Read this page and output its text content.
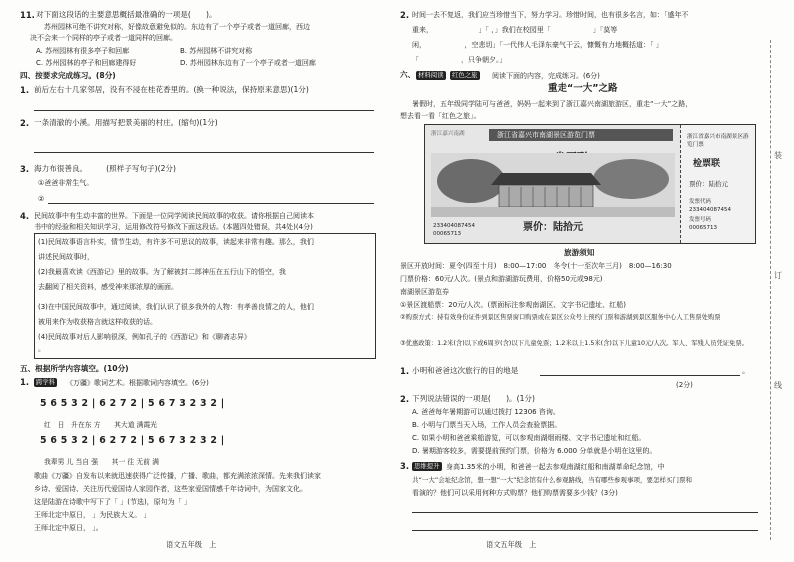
11. 对下面这段话的主要意思概括最准确的一项是(　　)。
苏州园林可绝不讲究对称，好像故意避免似的。东边有了一个亭子或者一道回廊，西边
决不会来一个同样的亭子或者一道同样的回廊。
A. 苏州园林有很多亭子和回廊	B. 苏州园林不讲究对称
C. 苏州园林的亭子和回廊建得好	D. 苏州园林东边有了一个亭子或者一道回廊
四、按要求完成练习。(8分)
1. 前后左右十几家邻居，没有不浸在桂花香里的。(换一种说法，保持原来意思)(1分)
2. 一条清澈的小溪。用描写把景美丽的村庄。(缩句)(1分)
3. 海力布很善良。　　　(照样子写句子)(2分)
①爸爸非常生气。
②
4. 民间故事中有生动丰富的世界。下面是一位同学阅读民间故事的收获。请你根据自己阅读本
书中的经验和相关知识学习，运用修改符号修改下面这段话。(本题四处错误，共4处)(4分)
(1)民间故事语言朴实，情节生动，有许多不可思议的故事，读起来非常有趣。那么，我们
讲述民间故事时，
(2)我最喜欢读《西游记》里的故事。为了解被封二郎神压在五行山下的悟空，我
去翻阅了相关资料，感受神来那浓厚的画面。
(3)在中国民间故事中，通过阅读，我们认识了很多我外的人物：有孝善良情之的人，他们
被用来作为收获格言就这样收获的话。
(4)民间故事对后人影响很深，例如孔子的《西游记》和《聊斋志异》
。
五、根据所学内容填空。(10分)
1.	跨学科 《万疆》歌词艺术。根据歌词内容填空。(6分)
5 6 5 3 2 | 6 2 7 2 | 5 6 7 3 2 3 2 |
红　日　升在东 方　　其大道 满霞光
5 6 5 3 2 | 6 2 7 2 | 5 6 7 3 2 3 2 |
我辈男 儿 当自 强　　其一 往 无前 满
歌曲《万疆》自发布以来就迅速获得广泛传播，广播、歌曲，都充满浓浓深情。先来我们读家
乡诗、爱国诗、关注历代爱国诗人家园作者，这些家爱国情感千年诗词中，为国家文化。
这是陆游在诗歌中写下了「 」(节选)，原句为「 」
王师北定中原日， 」为民族大义。 」
王师北定中原日， 」。
语文五年级　上
2. 时间一去不复返，我们应当珍惜当下，努力学习。珍惜时间，也有很多名言，如：「盛年不
重来，　　　　　　　」「 ，」我们在校园里「　　　　　　」「莫等
闲，　　　　　　，空悲切」「一代伟人毛泽东豪气干云，慷慨有力地概括道：「 」
「　　　　　　，只争朝夕。」
六、 材料阅读	红色之旅 阅读下面的内容，完成练习。(6分)
重走“一大”之路
暑假时，五年级同学陆可与爸爸，妈妈一起来到了浙江嘉兴南湖旅游区，重走“一大”之路，
想去看一看「红色之旅」。
浙江嘉兴南湖	浙江省嘉兴市南湖景区游览门票
票价：陆拾元
233404087454
00065713
浙江省嘉兴市南湖景区游览门票
检票联
票价：陆拾元
发票代码
233404087454
发票号码
00065713
旅游须知
景区开放时间：夏令(四至十月)　8:00—17:00　冬令(十一至次年三月)　8:00—16:30
门票价格：60元/人次。(景点和游湖游玩费用，价格50元或98元)
南湖景区游览券
①景区渡船票：20元/人次。(票面标注参观南湖区、文字书记遗址、红船)
②购票方式：持有效身份证件到景区售票窗口购票或在景区公众号上预约门票和游湖到景区服务中心人工售票处购票
③优惠政策：1.2米(含)以下或6周岁(含)以下儿童免票；1.2米以上1.5米(含)以下儿童10元/人次。军人、军残人员凭证免票。
1. 小明和爸爸这次旅行的目的地是	。
(2分)
2. 下列说法错误的一项是(　　)。(1分)
A. 爸爸每年暑期游可以通过拨打 12306 咨询。
B. 小明与门票当天入场，工作人员会查验票据。
C. 如果小明和爸爸乘船游览，可以参观南湖烟雨楼、文字书记遗址和红船。
D. 暑期游客较多，需要提前预约门票，价格为 6.000 分单就是小明在这里的。
3. 思维提升 身高1.35米的小明，和爸爸一起去参观南湖红船和南湖革命纪念馆，中
共“一大”会址纪念馆，想一想“一大”纪念馆有什么参观路线，当有哪些参观事项，要怎样买门票和
看演的？他们可以采用何种方式购票？他们购票需要多少钱？(3分)
装
订
线
语文五年级　上
